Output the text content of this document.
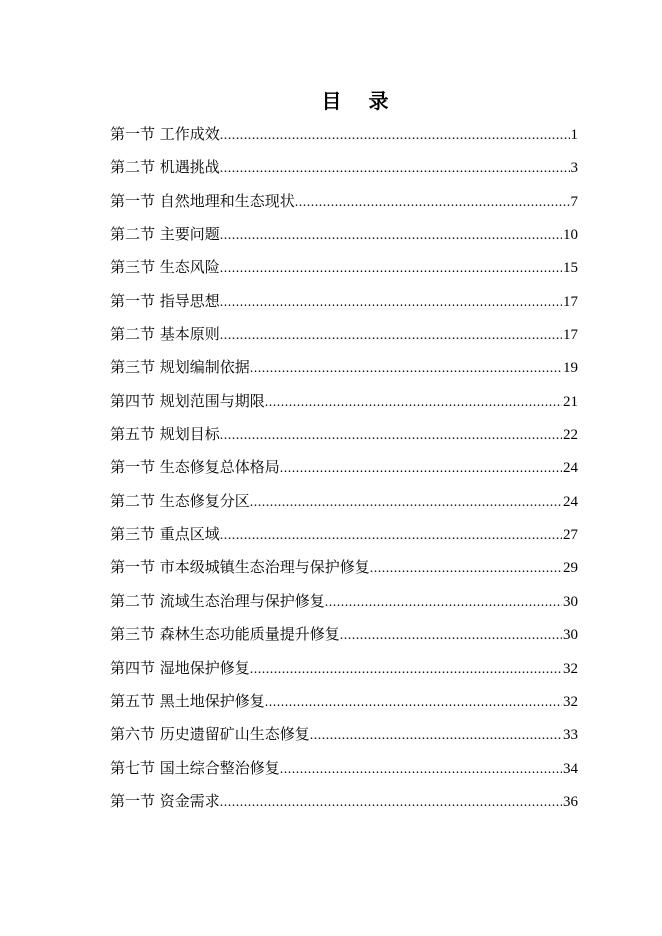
目 录
第一节 工作成效 .....	1
第二节 机遇挑战 .....	3
第一节 自然地理和生态现状 .....	7
第二节 主要问题 .....	10
第三节 生态风险 .....	15
第一节 指导思想 .....	17
第二节 基本原则 .....	17
第三节 规划编制依据 .....	19
第四节 规划范围与期限 .....	21
第五节 规划目标 .....	22
第一节 生态修复总体格局 .....	24
第二节 生态修复分区 .....	24
第三节 重点区域 .....	27
第一节 市本级城镇生态治理与保护修复 .....	29
第二节 流域生态治理与保护修复 .....	30
第三节 森林生态功能质量提升修复 .....	30
第四节 湿地保护修复 .....	32
第五节 黑土地保护修复 .....	32
第六节 历史遗留矿山生态修复 .....	33
第七节 国土综合整治修复 .....	34
第一节 资金需求 .....	36
